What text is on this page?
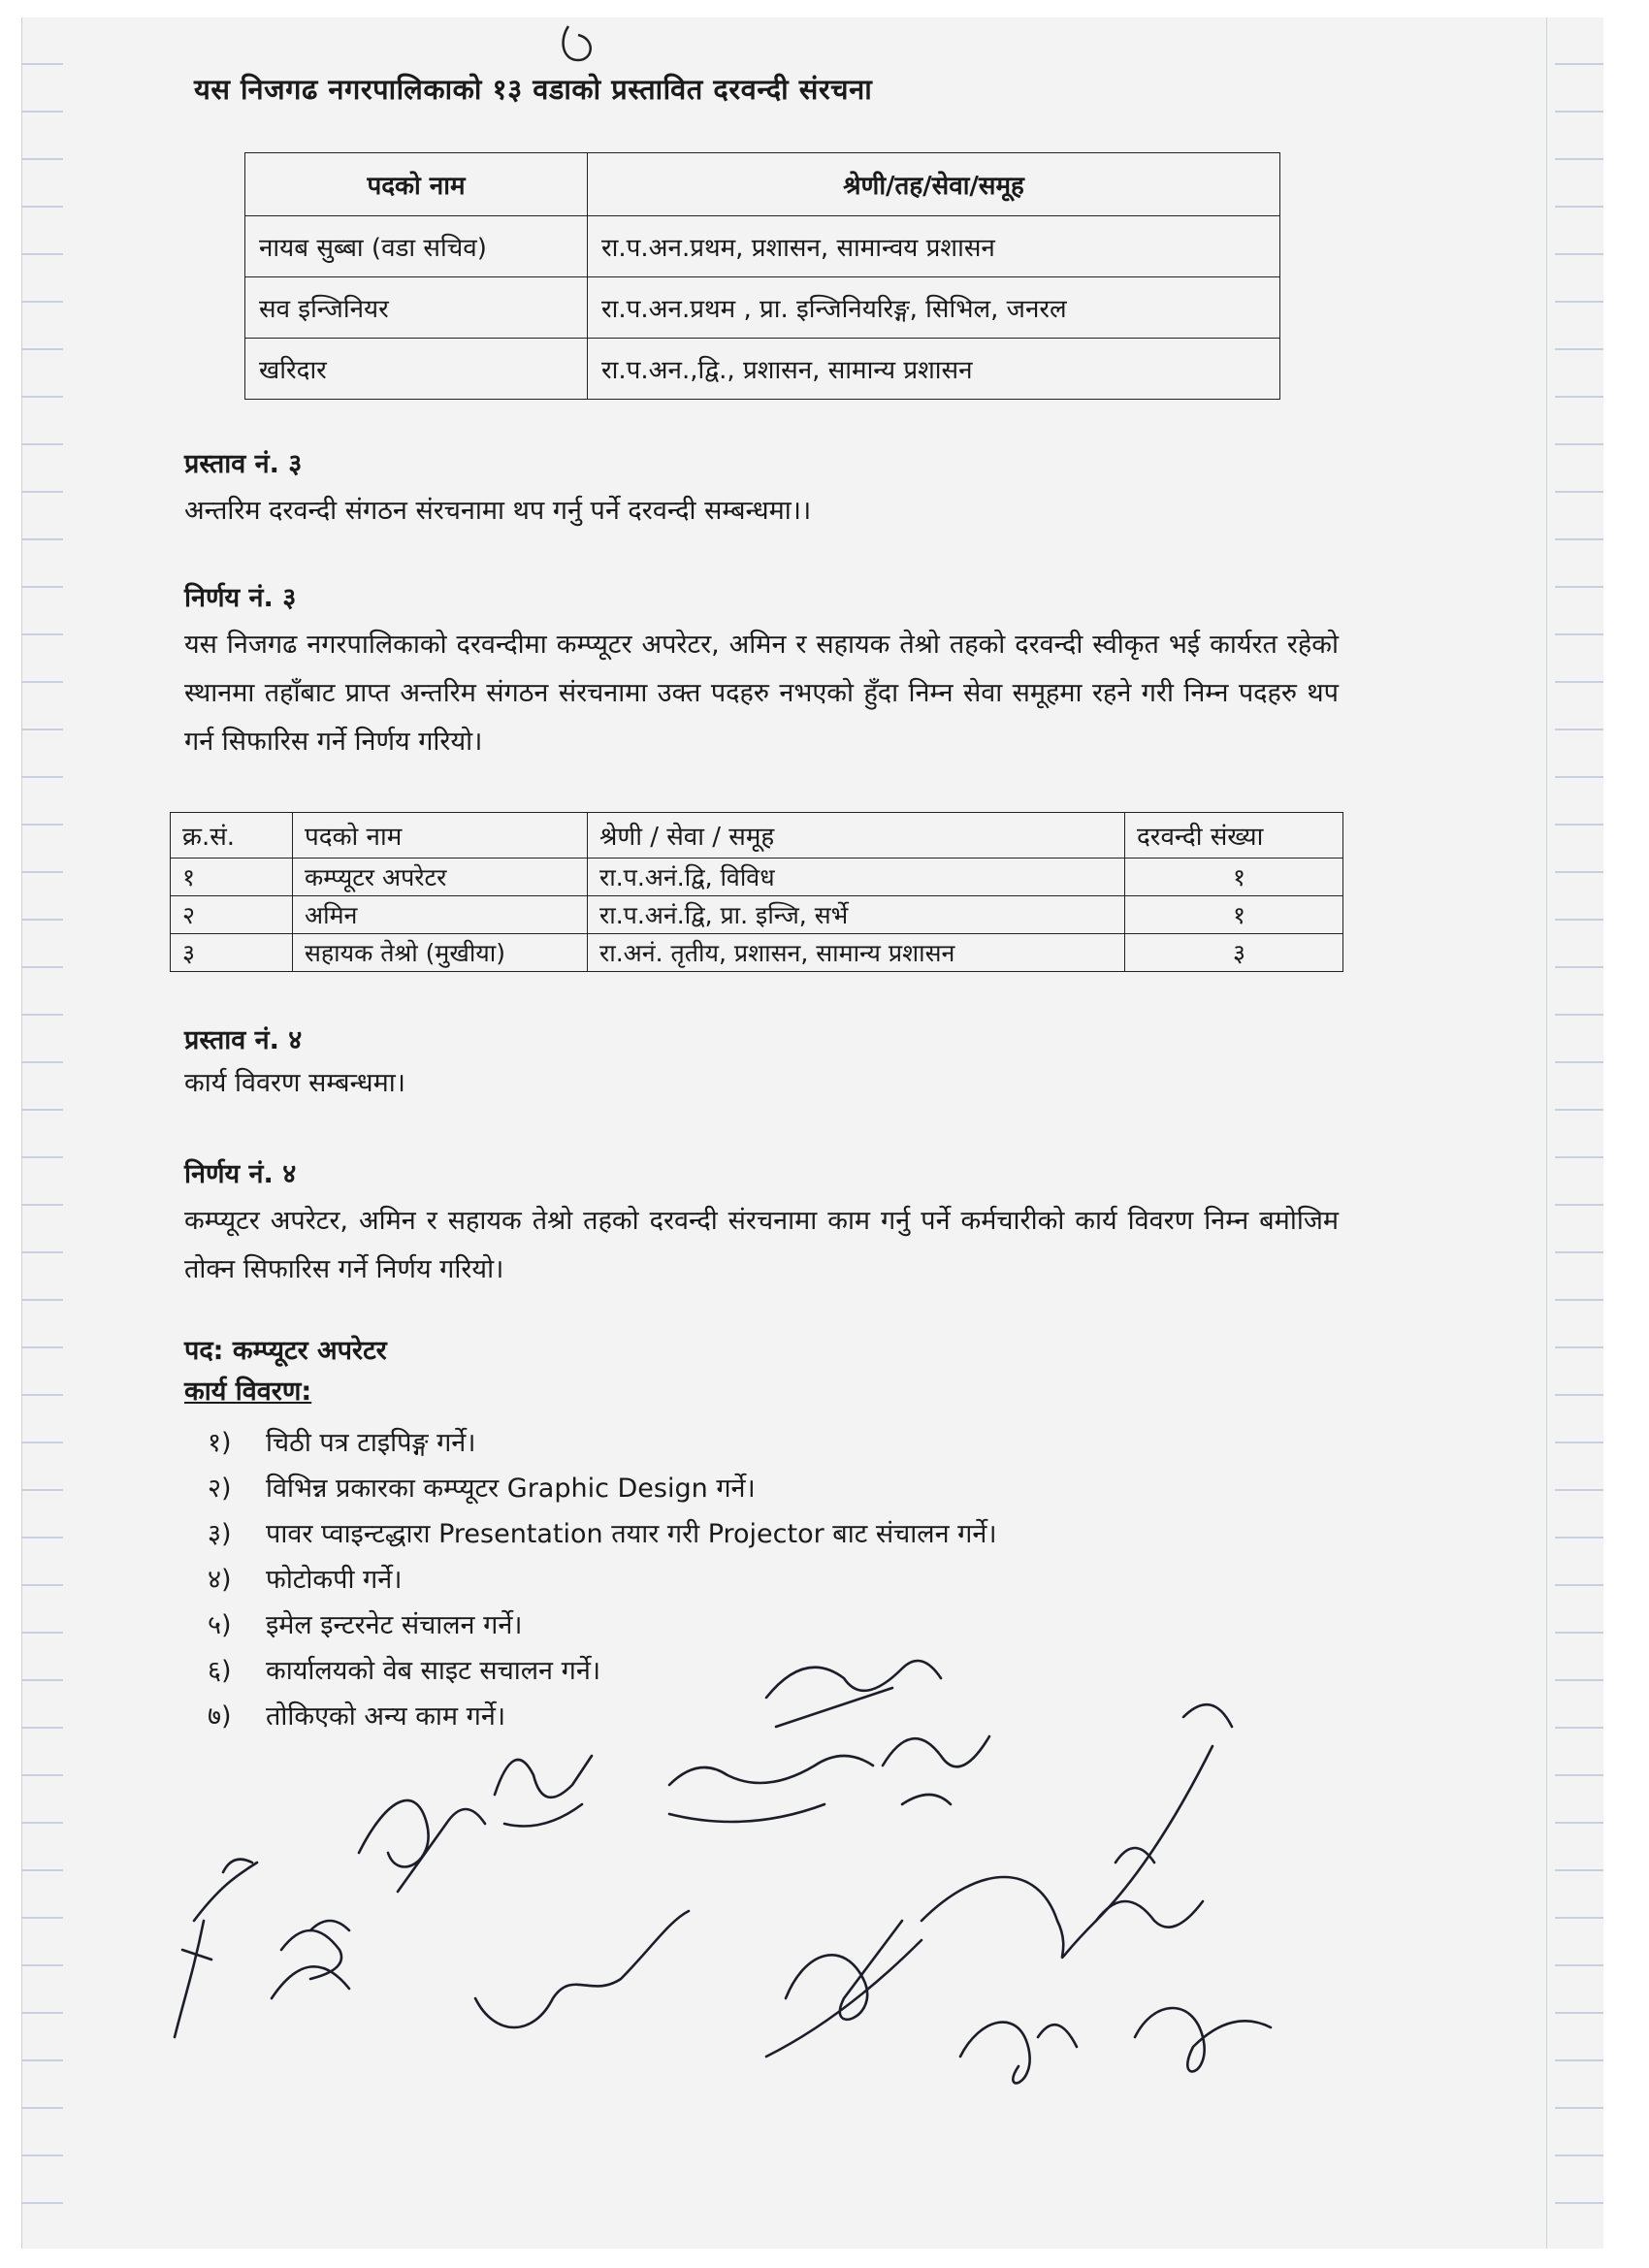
यस निजगढ नगरपालिकाको १३ वडाको प्रस्तावित दरवन्दी संरचना
पदको नाम	श्रेणी/तह/सेवा/समूह
नायब सुब्बा (वडा सचिव)	रा.प.अन.प्रथम, प्रशासन, सामान्वय प्रशासन
सव इन्जिनियर	रा.प.अन.प्रथम , प्रा. इन्जिनियरिङ्ग, सिभिल, जनरल
खरिदार	रा.प.अन.,द्वि., प्रशासन, सामान्य प्रशासन
प्रस्ताव नं. ३
अन्तरिम दरवन्दी संगठन संरचनामा थप गर्नु पर्ने दरवन्दी सम्बन्धमा।।
निर्णय नं. ३
यस निजगढ नगरपालिकाको दरवन्दीमा कम्प्यूटर अपरेटर, अमिन र सहायक तेश्रो तहको दरवन्दी स्वीकृत भई कार्यरत रहेको स्थानमा तहाँबाट प्राप्त अन्तरिम संगठन संरचनामा उक्त पदहरु नभएको हुँदा निम्न सेवा समूहमा रहने गरी निम्न पदहरु थप गर्न सिफारिस गर्ने निर्णय गरियो।
क्र.सं.	पदको नाम	श्रेणी / सेवा / समूह	दरवन्दी संख्या
१	कम्प्यूटर अपरेटर	रा.प.अनं.द्वि, विविध	१
२	अमिन	रा.प.अनं.द्वि, प्रा. इन्जि, सर्भे	१
३	सहायक तेश्रो (मुखीया)	रा.अनं. तृतीय, प्रशासन, सामान्य प्रशासन	३
प्रस्ताव नं. ४
कार्य विवरण सम्बन्धमा।
निर्णय नं. ४
कम्प्यूटर अपरेटर, अमिन र सहायक तेश्रो तहको दरवन्दी संरचनामा काम गर्नु पर्ने कर्मचारीको कार्य विवरण निम्न बमोजिम तोक्न सिफारिस गर्ने निर्णय गरियो।
पद: कम्प्यूटर अपरेटर
कार्य विवरण:
१) चिठी पत्र टाइपिङ्ग गर्ने।
२) विभिन्न प्रकारका कम्प्यूटर Graphic Design गर्ने।
३) पावर प्वाइन्टद्धारा Presentation तयार गरी Projector बाट संचालन गर्ने।
४) फोटोकपी गर्ने।
५) इमेल इन्टरनेट संचालन गर्ने।
६) कार्यालयको वेब साइट सचालन गर्ने।
७) तोकिएको अन्य काम गर्ने।
